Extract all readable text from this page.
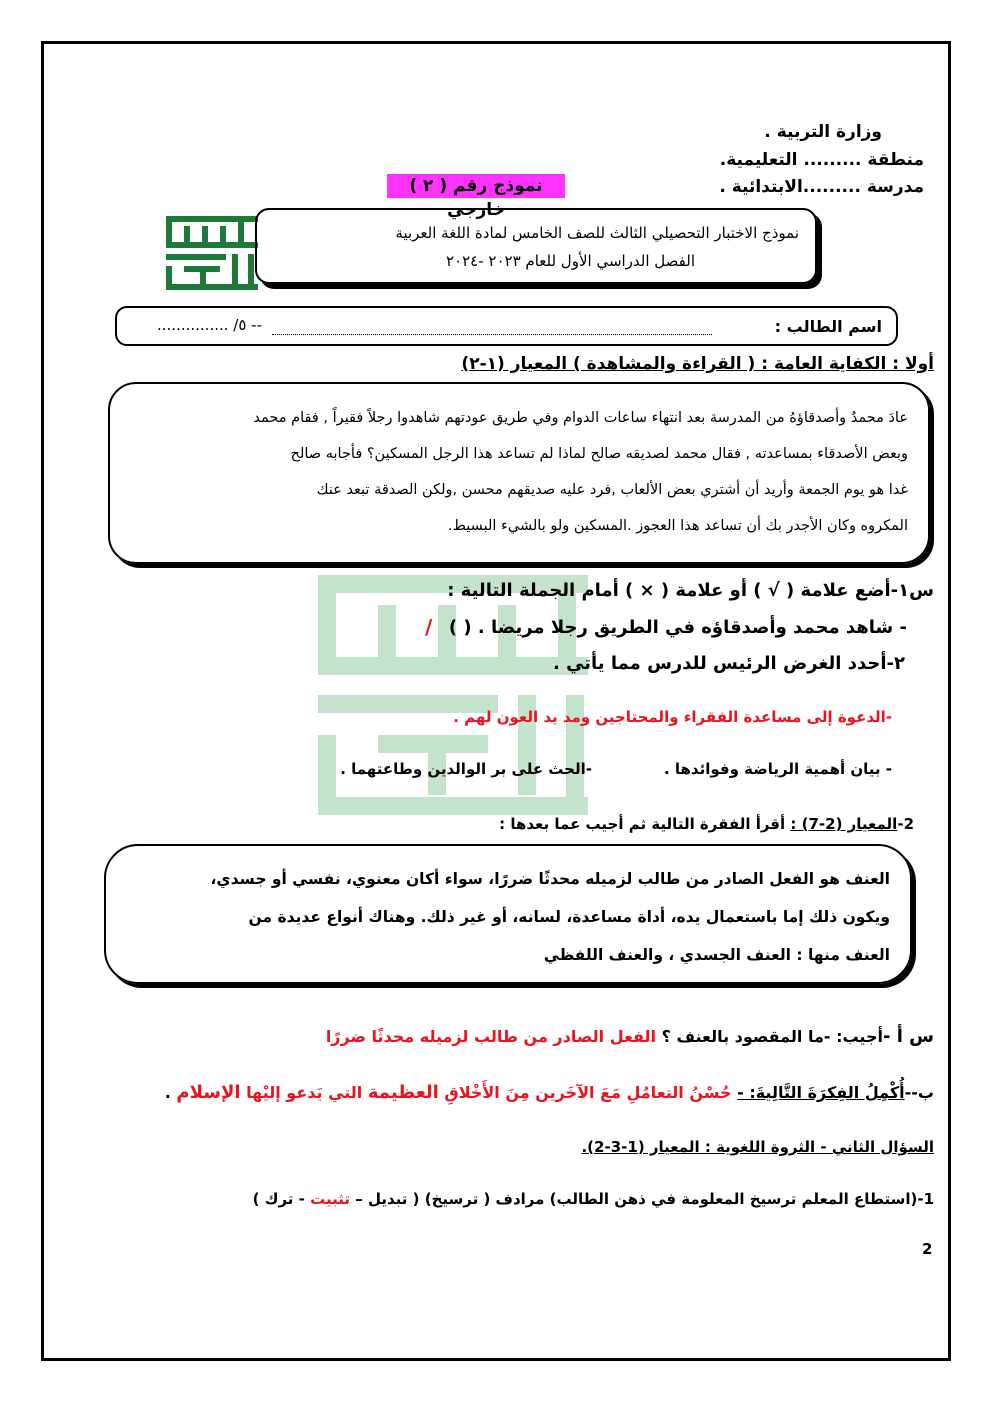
وزارة التربية .
منطقة ......... التعليمية.
مدرسة .........الابتدائية .
نموذج رقم ( ٢ ) خارجي
نموذج الاختبار التحصيلي الثالث للصف الخامس لمادة اللغة العربية
الفصل الدراسي الأول للعام ٢٠٢٣ -٢٠٢٤
اسم الطالب :
-- ٥/ ...............
أولا : الكفاية العامة : ( القراءة والمشاهدة ) المعيار (١-٢)
عادَ محمدٌ وأصدقاؤهُ من المدرسة بعد انتهاء ساعات الدوام وفي طريق عودتهم شاهدوا رجلاً فقيراً , فقام محمد
وبعض الأصدقاء بمساعدته , فقال محمد لصديقه صالح لماذا لم تساعد هذا الرجل المسكين؟ فأجابه صالح
غدا هو يوم الجمعة وأريد أن أشتري بعض الألعاب ,فرد عليه صديقهم محسن ,ولكن الصدقة تبعد عنك
المكروه وكان الأجدر بك أن تساعد هذا العجوز .المسكين ولو بالشيء البسيط.
س١-أضع علامة ( √ ) أو علامة ( × ) أمام الجملة التالية :
- شاهد محمد وأصدقاؤه في الطريق رجلا مريضا . ( )
/
٢-أحدد الغرض الرئيس للدرس مما يأتي .
-الدعوة إلى مساعدة الفقراء والمحتاجين ومد يد العون لهم .
- بيان أهمية الرياضة وفوائدها .
-الحث على بر الوالدين وطاعتهما .
2-المعيار (2-7) : أقرأ الفقرة التالية ثم أجيب عما بعدها :
العنف هو الفعل الصادر من طالب لزميله محدثًا ضررًا، سواء أكان معنوي، نفسي أو جسدي،
ويكون ذلك إما باستعمال يده، أداة مساعدة، لسانه، أو غير ذلك. وهناك أنواع عديدة من
العنف منها : العنف الجسدي ، والعنف اللفظي
س أ -أجيب: -ما المقصود بالعنف ؟ الفعل الصادر من طالب لزميله محدثًا ضررًا
ب--أُكْمِلُ الفِكرَةَ التَّالِيةَ: - حُسْنُ التعامُلِ مَعَ الآخَرين مِنَ الأَخْلاقِ العظيمة التي يَدعو إليْها الإسلام .
السؤال الثاني - الثروة اللغوية : المعيار (1-3-2).
1-(استطاع المعلم ترسيخ المعلومة في ذهن الطالب) مرادف ( ترسيخ) ( تبديل – تثبيت - ترك )
2
